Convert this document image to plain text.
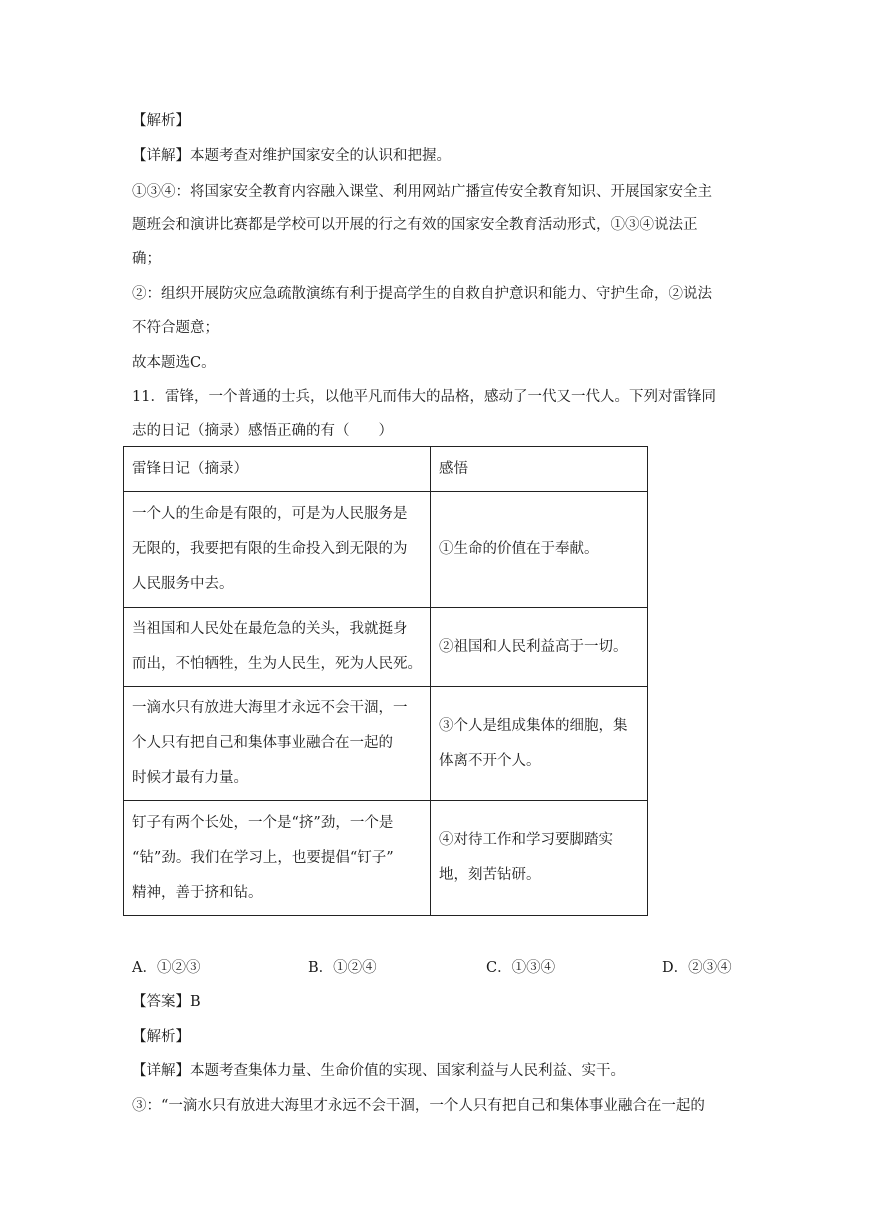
【解析】
【详解】本题考查对维护国家安全的认识和把握。
①③④：将国家安全教育内容融入课堂、利用网站广播宣传安全教育知识、开展国家安全主
题班会和演讲比赛都是学校可以开展的行之有效的国家安全教育活动形式，①③④说法正
确；
②：组织开展防灾应急疏散演练有利于提高学生的自救自护意识和能力、守护生命，②说法
不符合题意；
故本题选C。
11．雷锋，一个普通的士兵，以他平凡而伟大的品格，感动了一代又一代人。下列对雷锋同
志的日记（摘录）感悟正确的有（　　）
雷锋日记（摘录）	感悟

一个人的生命是有限的，可是为人民服务是
无限的，我要把有限的生命投入到无限的为
人民服务中去。	①生命的价值在于奉献。

当祖国和人民处在最危急的关头，我就挺身
而出，不怕牺牲，生为人民生，死为人民死。	②祖国和人民利益高于一切。

一滴水只有放进大海里才永远不会干涸，一
个人只有把自己和集体事业融合在一起的
时候才最有力量。	③个人是组成集体的细胞，集
体离不开个人。

钉子有两个长处，一个是“挤”劲，一个是
“钻”劲。我们在学习上，也要提倡“钉子”
精神，善于挤和钻。	④对待工作和学习要脚踏实
地，刻苦钻研。
A．①②③	B．①②④	C．①③④	D．②③④
【答案】B
【解析】
【详解】本题考查集体力量、生命价值的实现、国家利益与人民利益、实干。
③：“一滴水只有放进大海里才永远不会干涸，一个人只有把自己和集体事业融合在一起的
